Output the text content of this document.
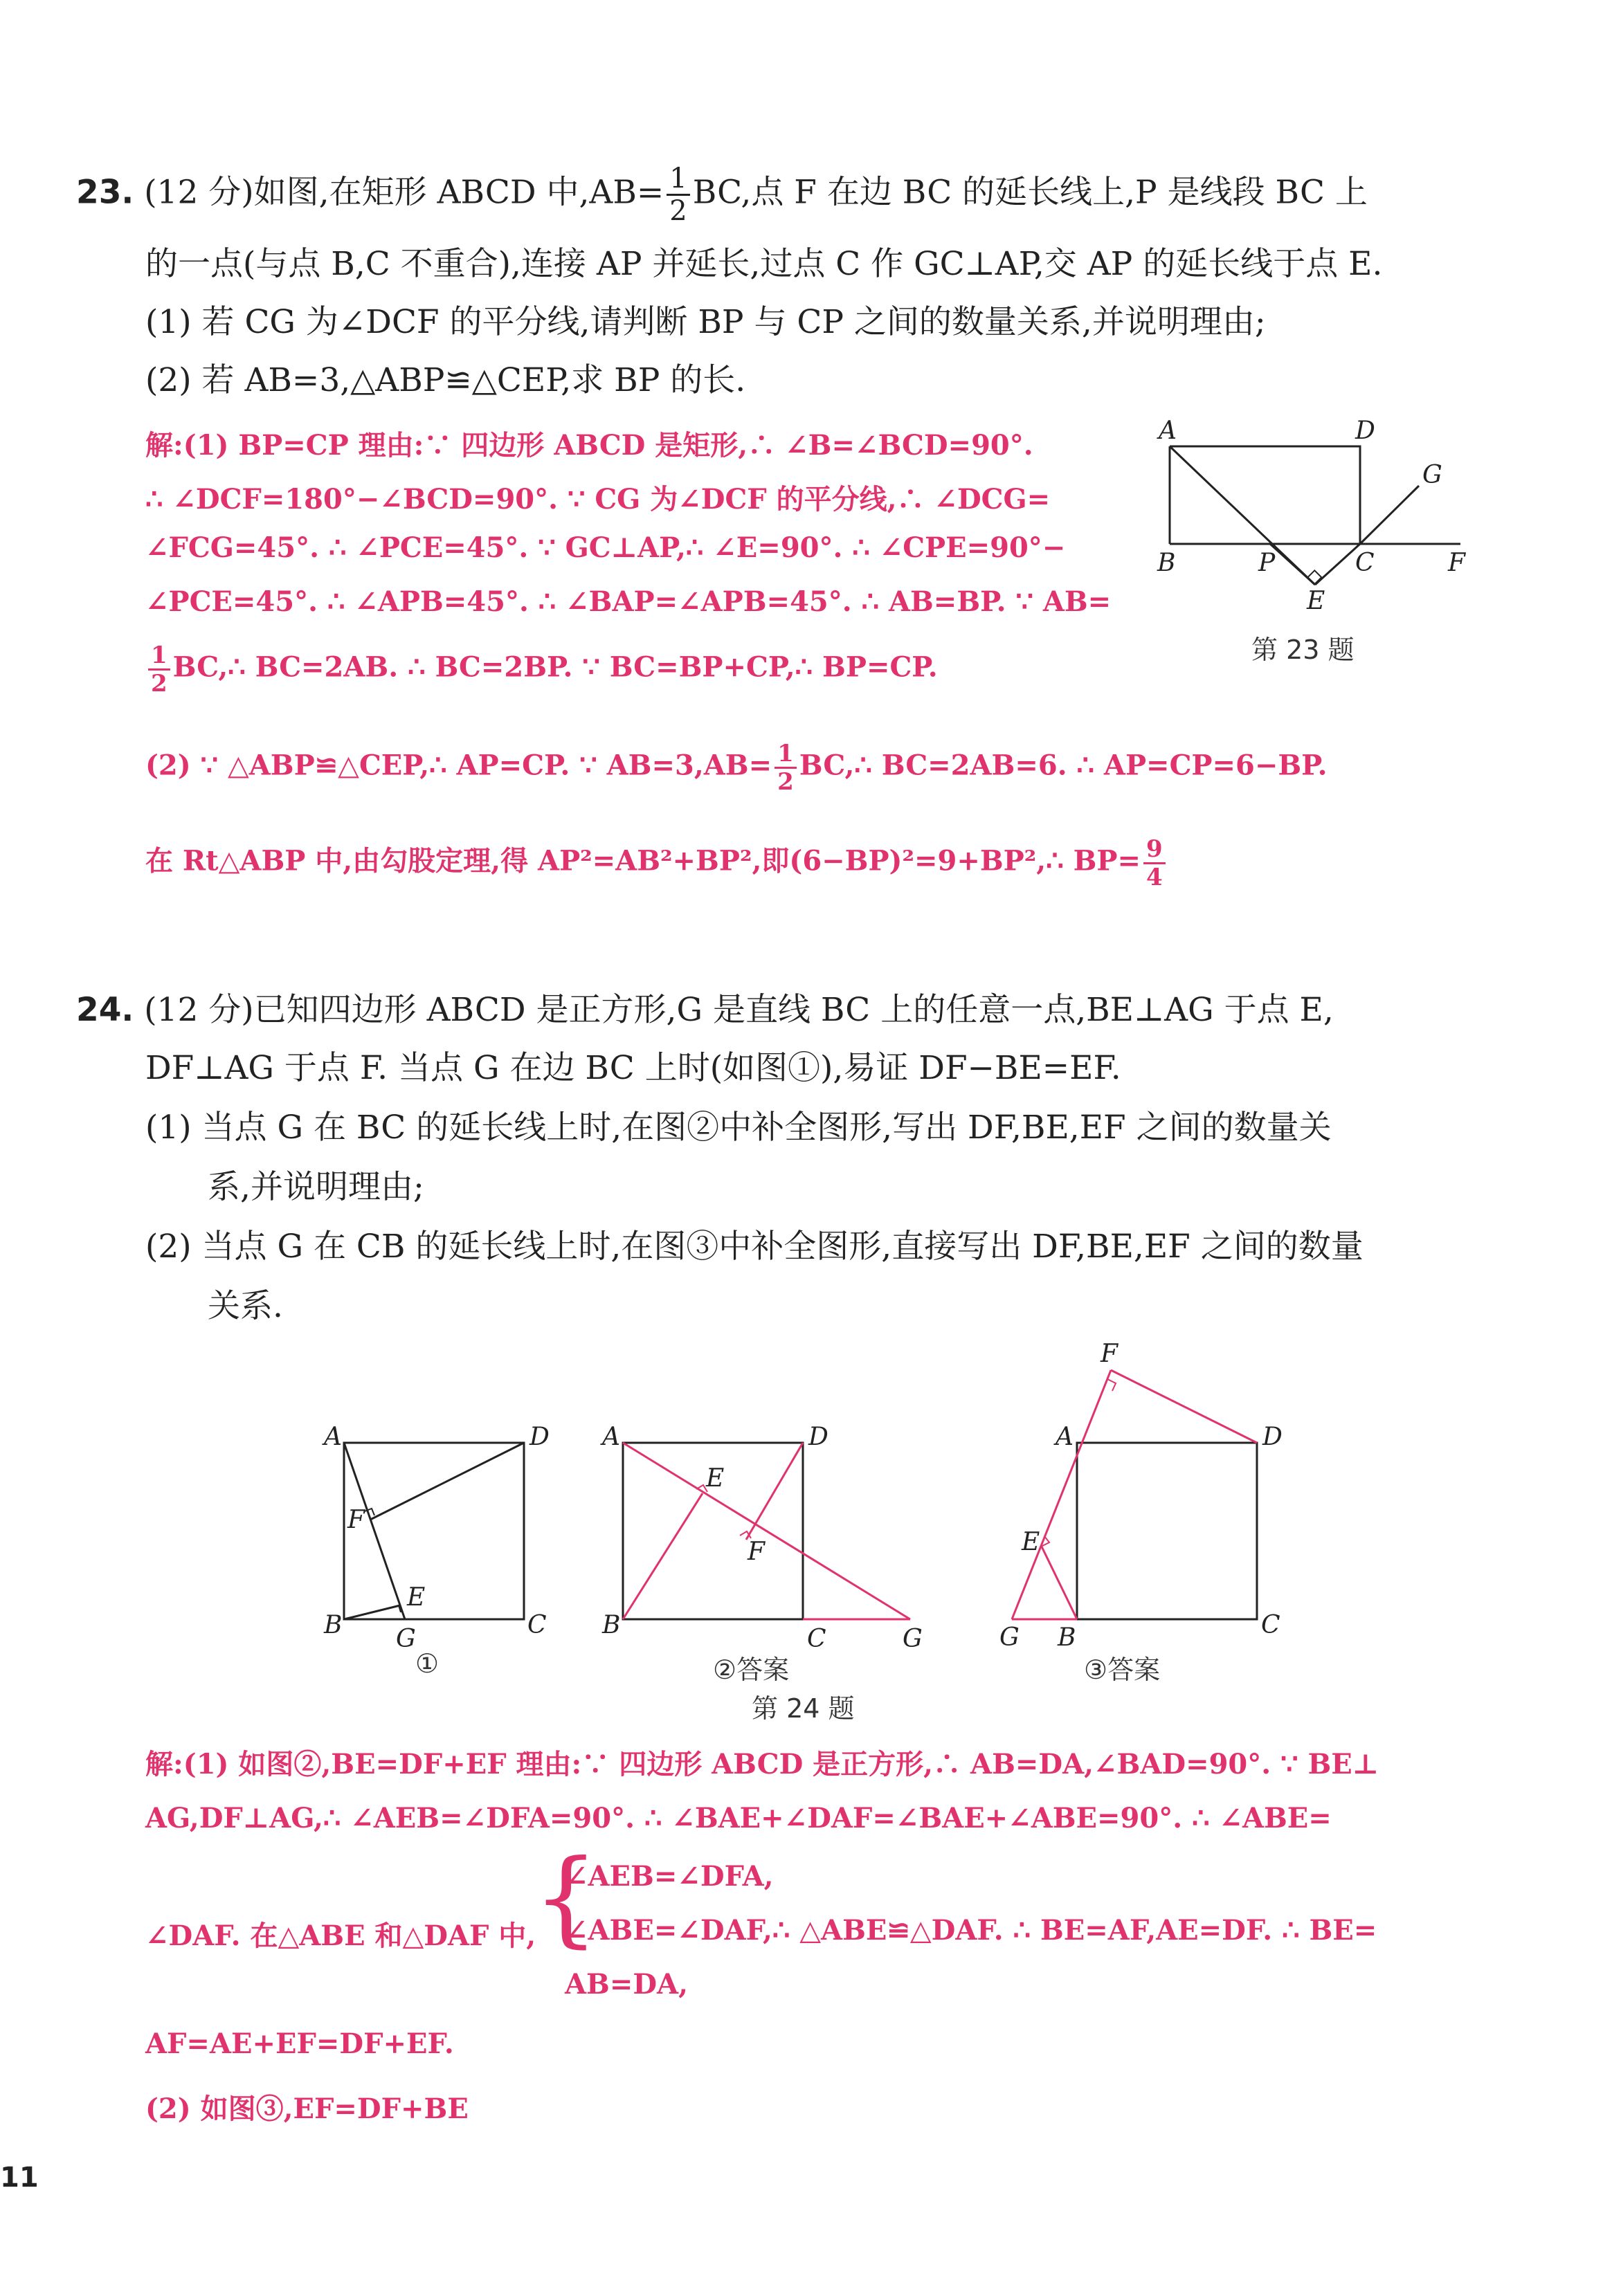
23. (12 分)如图,在矩形 ABCD 中$,AB= \frac{1}{2}$ BC,点 F 在边 BC 的延长线上,P 是线段 BC 上
的一点(与点 B,C 不重合),连接 AP 并延长,过点 C 作 GC⊥AP,交 AP 的延长线于点 E.
(1) 若 CG 为∠DCF 的平分线,请判断 BP 与 CP 之间的数量关系,并说明理由;
(2) 若 AB=3,△ABP≌△CEP,求 BP 的长.
解:(1) BP=CP 理由:∵ 四边形 ABCD 是矩形,∴ ∠B=∠BCD=90°.
∴ ∠DCF=180°−∠BCD=90°. ∵ CG 为∠DCF 的平分线,∴ ∠DCG=
∠FCG=45°. ∴ ∠PCE=45°. ∵ GC⊥AP,∴ ∠E=90°. ∴ ∠CPE=90°−
∠PCE=45°. ∴ ∠APB=45°. ∴ ∠BAP=∠APB=45°. ∴ AB=BP. ∵ AB=
$\frac{1}{2}$ BC,∴ BC=2AB. ∴ BC=2BP. ∵ BC=BP+CP,∴ BP=CP.
(2) ∵ △ABP≌△CEP,∴ AP=CP. ∵ $AB=3,AB= \frac{1}{2}$ BC,∴ BC=2AB=6. ∴ AP=CP=6−BP.
在 Rt△ABP 中,由勾股定理,得 AP²=AB²+BP²,即(6−BP)²=9+BP²,∴ $BP= \frac{9}{4}$
A	D
G
B	P	C	F
E
第 23 题
24. (12 分)已知四边形 ABCD 是正方形,G 是直线 BC 上的任意一点,BE⊥AG 于点 E,
DF⊥AG 于点 F. 当点 G 在边 BC 上时(如图①),易证 DF−BE=EF.
(1) 当点 G 在 BC 的延长线上时,在图②中补全图形,写出 DF,BE,EF 之间的数量关
系,并说明理由;
(2) 当点 G 在 CB 的延长线上时,在图③中补全图形,直接写出 DF,BE,EF 之间的数量
关系.
A	D
F
E
B G	C
A	D
E
F
B	C	G
F
A	D
E
G B	C
①	②答案	③答案
第 24 题
解:(1) 如图②,BE=DF+EF 理由:∵ 四边形 ABCD 是正方形,∴ AB=DA,∠BAD=90°. ∵ BE⊥
AG,DF⊥AG,∴ ∠AEB=∠DFA=90°. ∴ ∠BAE+∠DAF=∠BAE+∠ABE=90°. ∴ ∠ABE=
∠DAF. 在△ABE 和△DAF 中,
{
∠AEB=∠DFA,
∠ABE=∠DAF,∴ △ABE≌△DAF. ∴ BE=AF,AE=DF. ∴ BE=
AB=DA,
AF=AE+EF=DF+EF.
(2) 如图③,EF=DF+BE
11
